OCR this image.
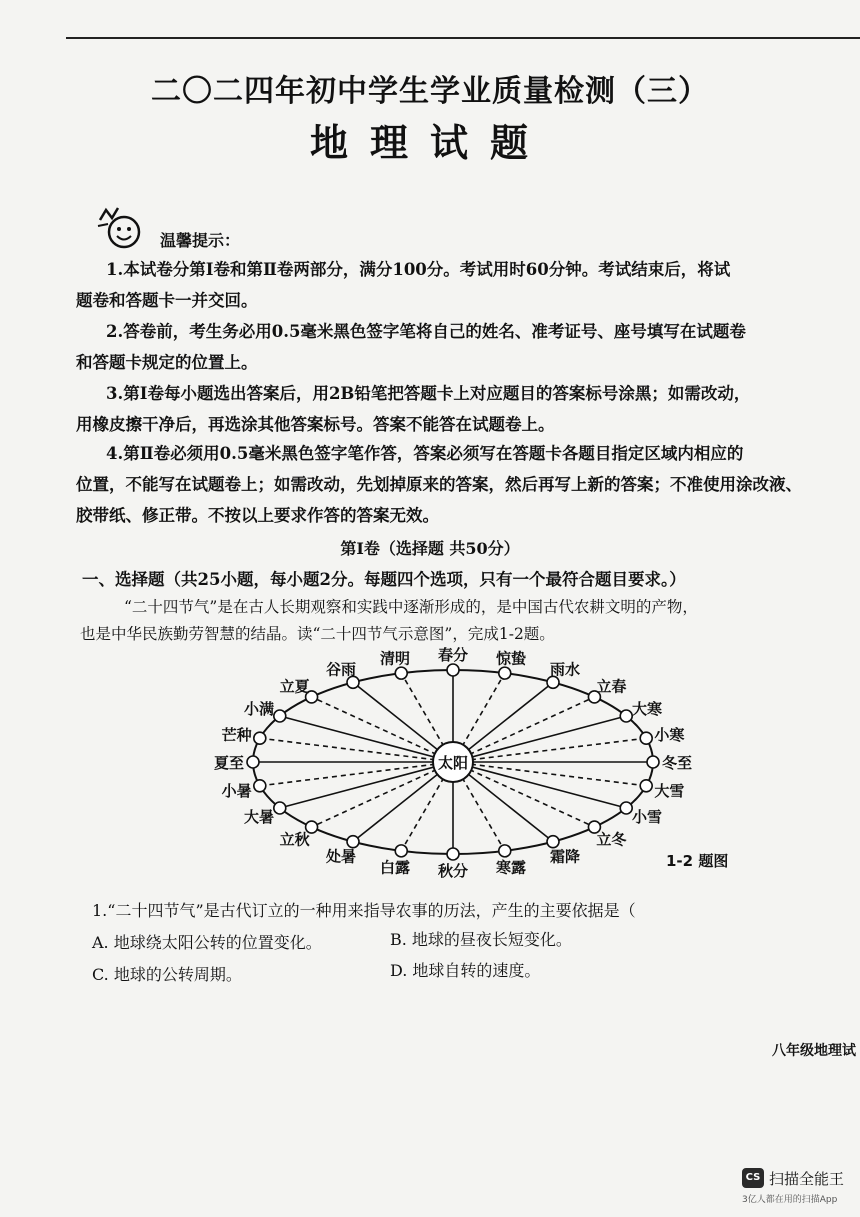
二〇二四年初中学生学业质量检测（三）
地理试题
温馨提示：
1.本试卷分第Ⅰ卷和第Ⅱ卷两部分，满分100分。考试用时60分钟。考试结束后，将试
题卷和答题卡一并交回。
2.答卷前，考生务必用0.5毫米黑色签字笔将自己的姓名、准考证号、座号填写在试题卷
和答题卡规定的位置上。
3.第Ⅰ卷每小题选出答案后，用2B铅笔把答题卡上对应题目的答案标号涂黑；如需改动，
用橡皮擦干净后，再选涂其他答案标号。答案不能答在试题卷上。
4.第Ⅱ卷必须用0.5毫米黑色签字笔作答，答案必须写在答题卡各题目指定区域内相应的
位置，不能写在试题卷上；如需改动，先划掉原来的答案，然后再写上新的答案；不准使用涂改液、胶带纸、修正带。不按以上要求作答的答案无效。
第Ⅰ卷（选择题 共50分）
一、选择题（共25小题，每小题2分。每题四个选项，只有一个最符合题目要求。）
“二十四节气”是在古人长期观察和实践中逐渐形成的，是中国古代农耕文明的产物，
也是中华民族勤劳智慧的结晶。读“二十四节气示意图”，完成1-2题。
冬至
小寒
大寒
立春
雨水
惊蛰
春分
清明
谷雨
立夏
小满
芒种
夏至
小暑
大暑
立秋
处暑
白露 秋分 寒露
霜降
立冬
小雪
大雪
太阳
1-2 题图
1.“二十四节气”是古代订立的一种用来指导农事的历法，产生的主要依据是（
A. 地球绕太阳公转的位置变化。	B. 地球的昼夜长短变化。
C. 地球的公转周期。	D. 地球自转的速度。
八年级地理试
CS 扫描全能王
3亿人都在用的扫描App
